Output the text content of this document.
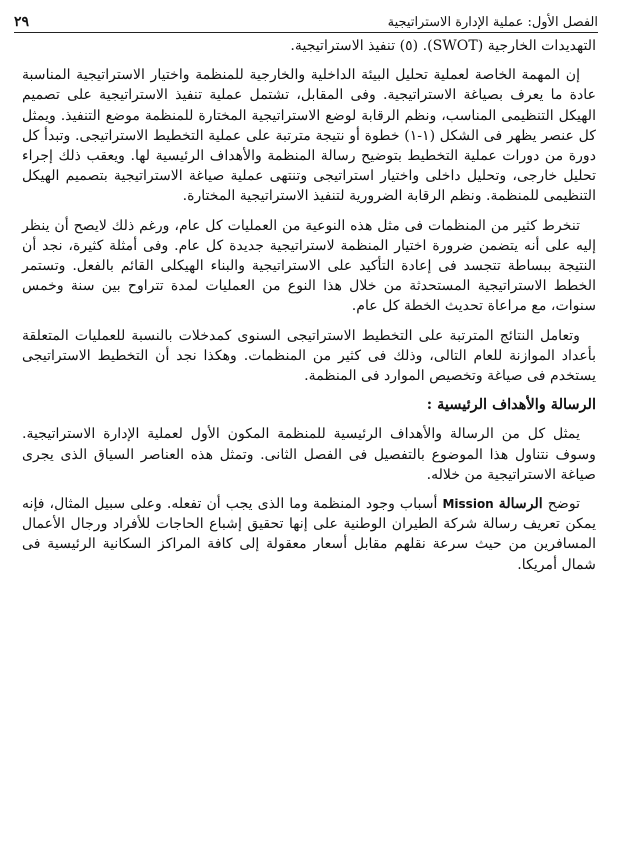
الفصل الأول: عملية الإدارة الاستراتيجية
٢٩

التهديدات الخارجية (SWOT). (٥) تنفيذ الاستراتيجية.

إن المهمة الخاصة لعملية تحليل البيئة الداخلية والخارجية للمنظمة واختيار الاستراتيجية المناسبة عادة ما يعرف بصياغة الاستراتيجية. وفى المقابل، تشتمل عملية تنفيذ الاستراتيجية على تصميم الهيكل التنظيمى المناسب، ونظم الرقابة لوضع الاستراتيجية المختارة للمنظمة موضع التنفيذ. ويمثل كل عنصر يظهر فى الشكل (١-١) خطوة أو نتيجة مترتبة على عملية التخطيط الاستراتيجى. وتبدأ كل دورة من دورات عملية التخطيط بتوضيح رسالة المنظمة والأهداف الرئيسية لها. ويعقب ذلك إجراء تحليل خارجى، وتحليل داخلى واختيار استراتيجى وتنتهى عملية صياغة الاستراتيجية بتصميم الهيكل التنظيمى للمنظمة. ونظم الرقابة الضرورية لتنفيذ الاستراتيجية المختارة.

تنخرط كثير من المنظمات فى مثل هذه النوعية من العمليات كل عام، ورغم ذلك لايصح أن ينظر إليه على أنه يتضمن ضرورة اختيار المنظمة لاستراتيجية جديدة كل عام. وفى أمثلة كثيرة، نجد أن النتيجة ببساطة تتجسد فى إعادة التأكيد على الاستراتيجية والبناء الهيكلى القائم بالفعل. وتستمر الخطط الاستراتيجية المستحدثة من خلال هذا النوع من العمليات لمدة تتراوح بين سنة وخمس سنوات، مع مراعاة تحديث الخطة كل عام.

وتعامل النتائج المترتبة على التخطيط الاستراتيجى السنوى كمدخلات بالنسبة للعمليات المتعلقة بأعداد الموازنة للعام التالى، وذلك فى كثير من المنظمات. وهكذا نجد أن التخطيط الاستراتيجى يستخدم فى صياغة وتخصيص الموارد فى المنظمة.

الرسالة والأهداف الرئيسية :

يمثل كل من الرسالة والأهداف الرئيسية للمنظمة المكون الأول لعملية الإدارة الاستراتيجية. وسوف نتناول هذا الموضوع بالتفصيل فى الفصل الثانى. وتمثل هذه العناصر السياق الذى يجرى صياغة الاستراتيجية من خلاله.

توضح الرسالة Mission أسباب وجود المنظمة وما الذى يجب أن تفعله. وعلى سبيل المثال، فإنه يمكن تعريف رسالة شركة الطيران الوطنية على إنها تحقيق إشباع الحاجات للأفراد ورجال الأعمال المسافرين من حيث سرعة نقلهم مقابل أسعار معقولة إلى كافة المراكز السكانية الرئيسية فى شمال أمريكا.
